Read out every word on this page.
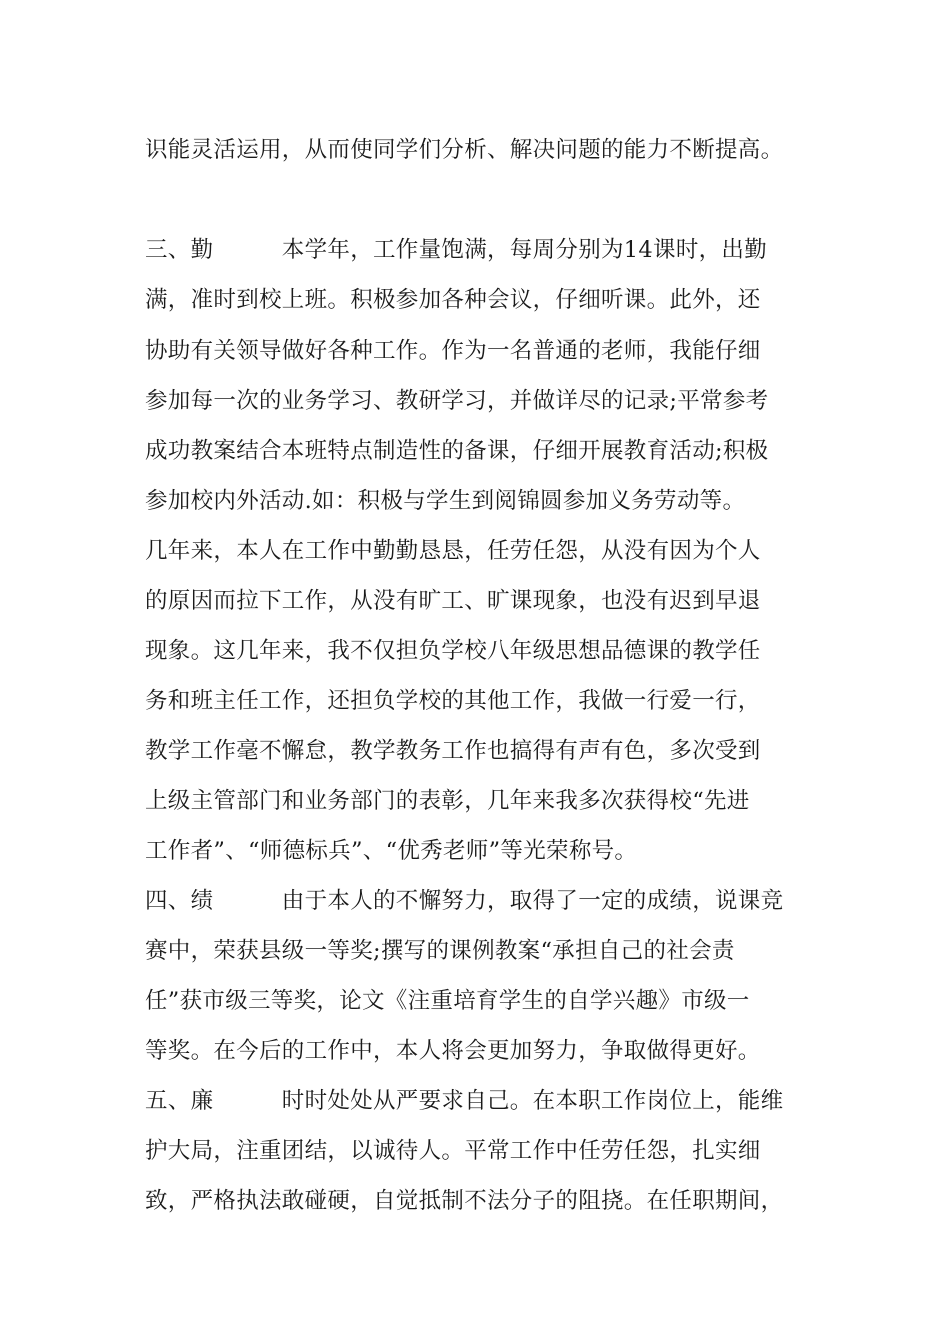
识能灵活运用，从而使同学们分析、解决问题的能力不断提高。
三、勤　　　本学年，工作量饱满，每周分别为14课时，出勤
满，准时到校上班。积极参加各种会议，仔细听课。此外，还
协助有关领导做好各种工作。作为一名普通的老师，我能仔细
参加每一次的业务学习、教研学习，并做详尽的记录;平常参考
成功教案结合本班特点制造性的备课，仔细开展教育活动;积极
参加校内外活动.如：积极与学生到阅锦圆参加义务劳动等。
几年来，本人在工作中勤勤恳恳，任劳任怨，从没有因为个人
的原因而拉下工作，从没有旷工、旷课现象，也没有迟到早退
现象。这几年来，我不仅担负学校八年级思想品德课的教学任
务和班主任工作，还担负学校的其他工作，我做一行爱一行，
教学工作毫不懈怠，教学教务工作也搞得有声有色，多次受到
上级主管部门和业务部门的表彰，几年来我多次获得校“先进
工作者”、“师德标兵”、“优秀老师”等光荣称号。
四、绩　　　由于本人的不懈努力，取得了一定的成绩，说课竞
赛中，荣获县级一等奖;撰写的课例教案“承担自己的社会责
任”获市级三等奖，论文《注重培育学生的自学兴趣》市级一
等奖。在今后的工作中，本人将会更加努力，争取做得更好。
五、廉　　　时时处处从严要求自己。在本职工作岗位上，能维
护大局，注重团结，以诚待人。平常工作中任劳任怨，扎实细
致，严格执法敢碰硬，自觉抵制不法分子的阻挠。在任职期间，
